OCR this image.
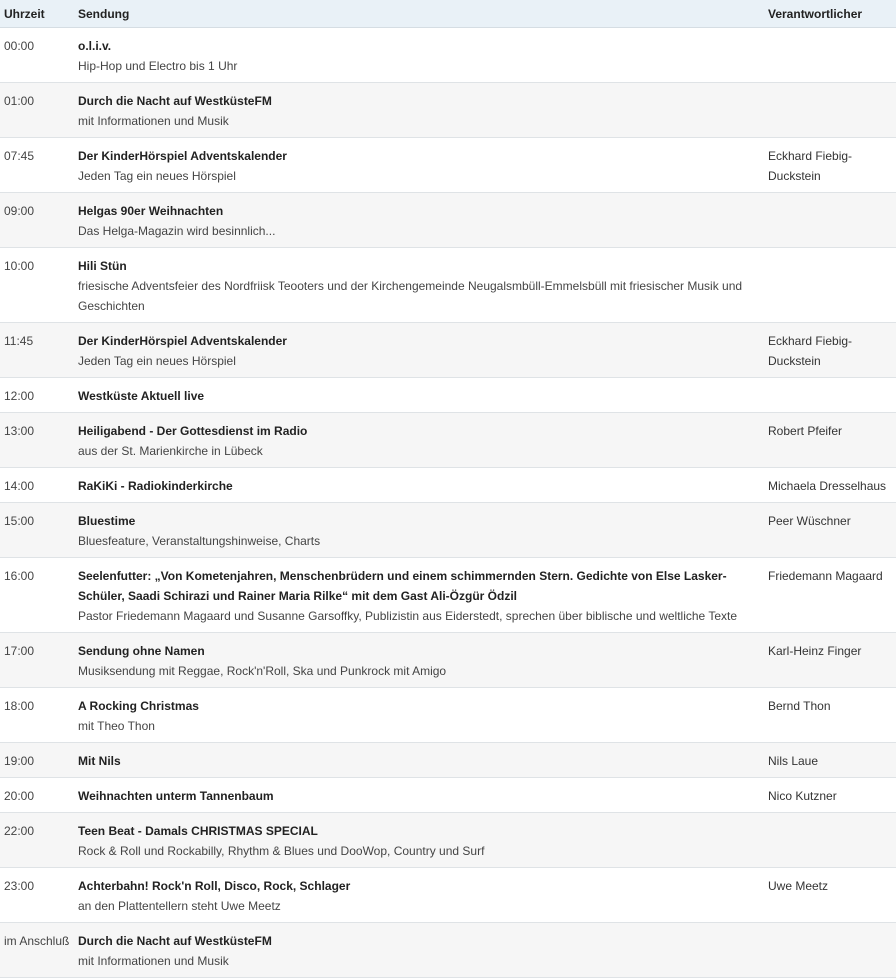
Uhrzeit	Sendung	Verantwortlicher
00:00	o.l.i.v.
Hip-Hop und Electro bis 1 Uhr	

01:00	Durch die Nacht auf WestküsteFM
mit Informationen und Musik	

07:45	Der KinderHörspiel Adventskalender
Jeden Tag ein neues Hörspiel	Eckhard Fiebig-Duckstein
09:00	Helgas 90er Weihnachten
Das Helga-Magazin wird besinnlich...	

10:00	Hili Stün
friesische Adventsfeier des Nordfriisk Teooters und der Kirchengemeinde Neugalsmbüll-Emmelsbüll mit friesischer Musik und Geschichten	

11:45	Der KinderHörspiel Adventskalender
Jeden Tag ein neues Hörspiel	Eckhard Fiebig-Duckstein
12:00	Westküste Aktuell live	

13:00	Heiligabend - Der Gottesdienst im Radio
aus der St. Marienkirche in Lübeck	Robert Pfeifer
14:00	RaKiKi - Radiokinderkirche	Michaela Dresselhaus
15:00	Bluestime
Bluesfeature, Veranstaltungshinweise, Charts	Peer Wüschner
16:00	Seelenfutter: „Von Kometenjahren, Menschenbrüdern und einem schimmernden Stern. Gedichte von Else Lasker-Schüler, Saadi Schirazi und Rainer Maria Rilke“ mit dem Gast Ali-Özgür Ödzil
Pastor Friedemann Magaard und Susanne Garsoffky, Publizistin aus Eiderstedt, sprechen über biblische und weltliche Texte	Friedemann Magaard
17:00	Sendung ohne Namen
Musiksendung mit Reggae, Rock'n'Roll, Ska und Punkrock mit Amigo	Karl-Heinz Finger
18:00	A Rocking Christmas
mit Theo Thon	Bernd Thon
19:00	Mit Nils	Nils Laue
20:00	Weihnachten unterm Tannenbaum	Nico Kutzner
22:00	Teen Beat - Damals CHRISTMAS SPECIAL
Rock & Roll und Rockabilly, Rhythm & Blues und DooWop, Country und Surf	

23:00	Achterbahn! Rock'n Roll, Disco, Rock, Schlager
an den Plattentellern steht Uwe Meetz	Uwe Meetz
im Anschluß	Durch die Nacht auf WestküsteFM
mit Informationen und Musik	
